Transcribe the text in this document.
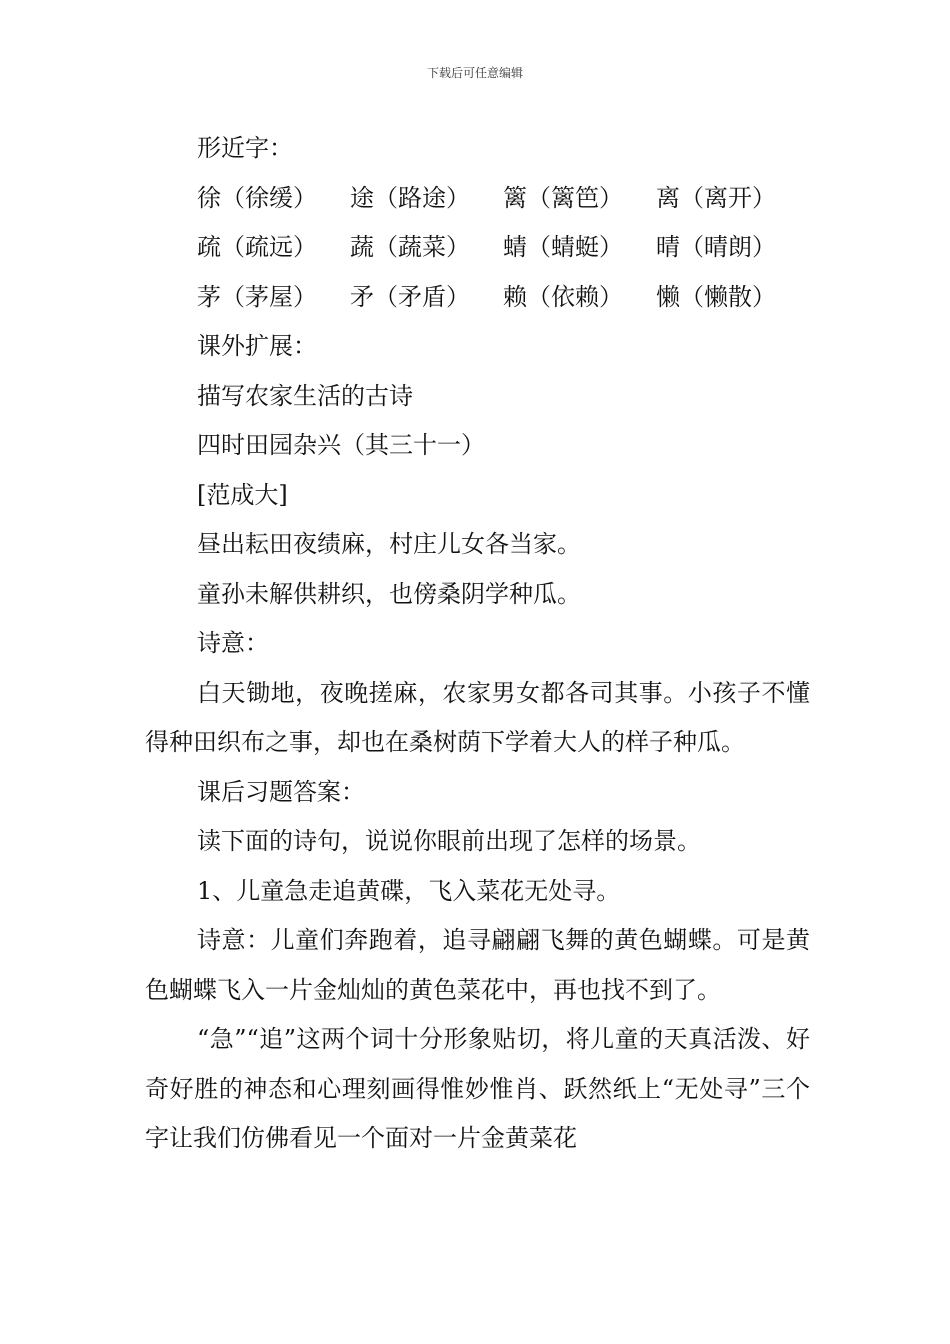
下载后可任意编辑
形近字：
徐（徐缓）	途（路途）	篱（篱笆）	离（离开）
疏（疏远）	蔬（蔬菜）	蜻（蜻蜓）	晴（晴朗）
茅（茅屋）	矛（矛盾）	赖（依赖）	懒（懒散）
课外扩展：
描写农家生活的古诗
四时田园杂兴（其三十一）
[范成大]
昼出耘田夜绩麻，村庄儿女各当家。
童孙未解供耕织，也傍桑阴学种瓜。
诗意：
白天锄地，夜晚搓麻，农家男女都各司其事。小孩子不懂得种田织布之事，却也在桑树荫下学着大人的样子种瓜。
课后习题答案：
读下面的诗句，说说你眼前出现了怎样的场景。
1、儿童急走追黄碟，飞入菜花无处寻。
诗意：儿童们奔跑着，追寻翩翩飞舞的黄色蝴蝶。可是黄色蝴蝶飞入一片金灿灿的黄色菜花中，再也找不到了。
“急”“追”这两个词十分形象贴切，将儿童的天真活泼、好奇好胜的神态和心理刻画得惟妙惟肖、跃然纸上“无处寻”三个字让我们仿佛看见一个面对一片金黄菜花
